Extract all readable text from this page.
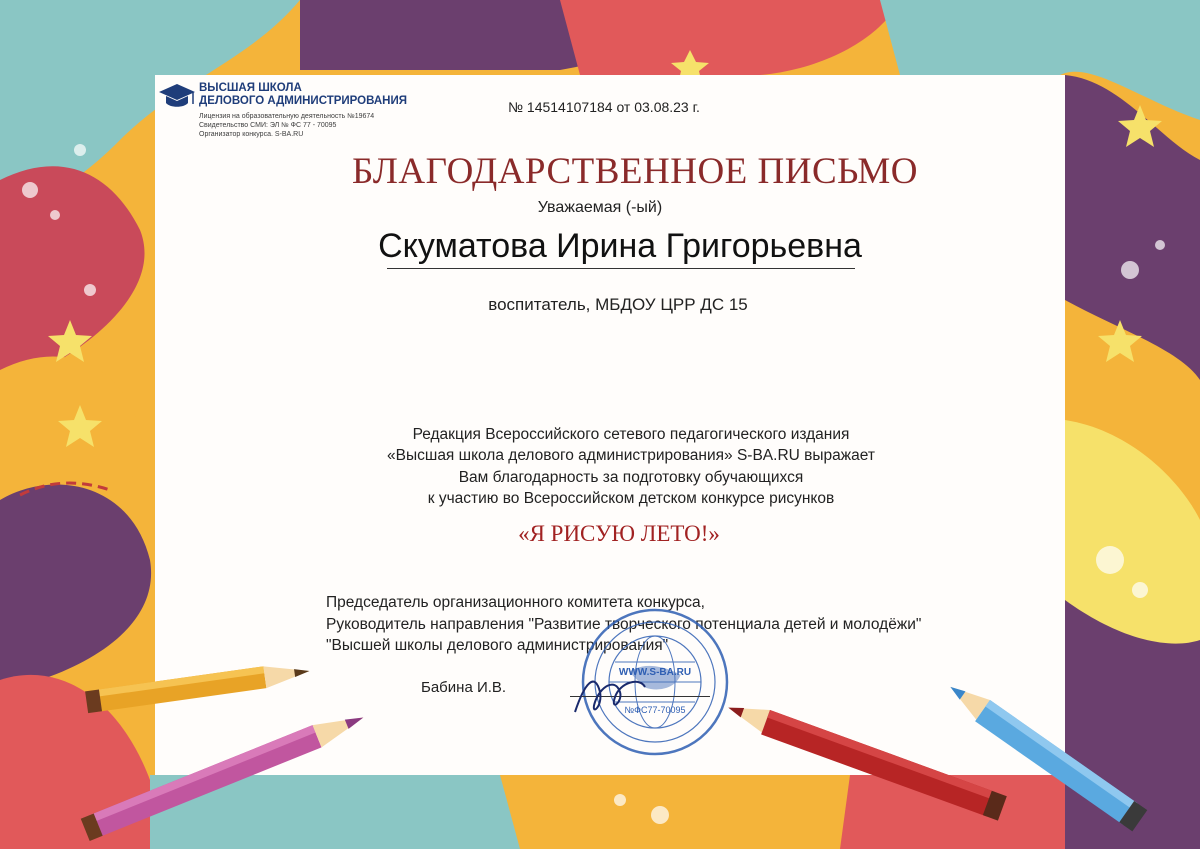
ВЫСШАЯ ШКОЛА
ДЕЛОВОГО АДМИНИСТРИРОВАНИЯ
Лицензия на образовательную деятельность №19674
Свидетельство СМИ: ЭЛ № ФС 77 - 70095
Организатор конкурса. S-BA.RU
№ 14514107184 от 03.08.23 г.
БЛАГОДАРСТВЕННОЕ ПИСЬМО
Уважаемая (-ый)
Скуматова Ирина Григорьевна
воспитатель, МБДОУ ЦРР ДС 15
Редакция Всероссийского сетевого педагогического издания
«Высшая школа делового администрирования» S-BA.RU выражает
Вам благодарность за подготовку обучающихся
к участию во Всероссийском детском конкурсе рисунков
«Я РИСУЮ ЛЕТО!»
Председатель организационного комитета конкурса,
Руководитель направления "Развитие творческого потенциала детей и молодёжи"
"Высшей школы делового администрирования"
WWW.S-BA.RU
№ФС77-70095
Бабина И.В.
